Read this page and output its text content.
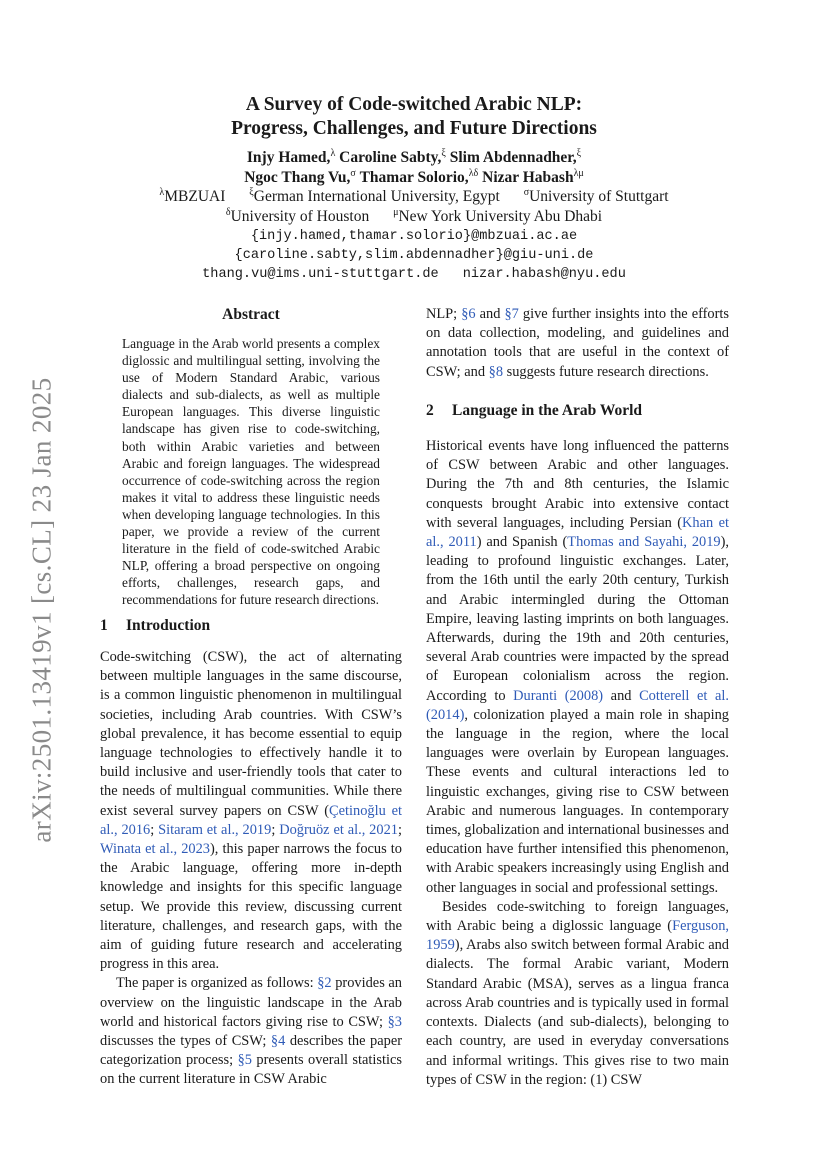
arXiv:2501.13419v1 [cs.CL] 23 Jan 2025
A Survey of Code-switched Arabic NLP:
Progress, Challenges, and Future Directions
Injy Hamed,$^\lambda$ Caroline Sabty,$^\xi$ Slim Abdennadher,$^\xi$
Ngoc Thang Vu,$^\sigma$ Thamar Solorio,$^{\lambda\delta}$ Nizar Habash$^{\lambda\mu}$
$^\lambda$MBZUAI $^\xi$German International University, Egypt $^\sigma$University of Stuttgart
$^\delta$University of Houston $^\mu$New York University Abu Dhabi
{injy.hamed,thamar.solorio}@mbzuai.ac.ae
{caroline.sabty,slim.abdennadher}@giu-uni.de
thang.vu@ims.uni-stuttgart.de nizar.habash@nyu.edu
Abstract
Language in the Arab world presents a complex diglossic and multilingual setting, involving the use of Modern Standard Arabic, various dialects and sub-dialects, as well as multiple European languages. This diverse linguistic landscape has given rise to code-switching, both within Arabic varieties and between Arabic and foreign languages. The widespread occurrence of code-switching across the region makes it vital to address these linguistic needs when developing language technologies. In this paper, we provide a review of the current literature in the field of code-switched Arabic NLP, offering a broad perspective on ongoing efforts, challenges, research gaps, and recommendations for future research directions.
1 Introduction

Code-switching (CSW), the act of alternating between multiple languages in the same discourse, is a common linguistic phenomenon in multilingual societies, including Arab countries. With CSW’s global prevalence, it has become essential to equip language technologies to effectively handle it to build inclusive and user-friendly tools that cater to the needs of multilingual communities. While there exist several survey papers on CSW (Çetinoğlu et al., 2016; Sitaram et al., 2019; Doğruöz et al., 2021; Winata et al., 2023), this paper narrows the focus to the Arabic language, offering more in-depth knowledge and insights for this specific language setup. We provide this review, discussing current literature, challenges, and research gaps, with the aim of guiding future research and accelerating progress in this area.

The paper is organized as follows: §2 provides an overview on the linguistic landscape in the Arab world and historical factors giving rise to CSW; §3 discusses the types of CSW; §4 describes the paper categorization process; §5 presents overall statistics on the current literature in CSW Arabic

NLP; §6 and §7 give further insights into the efforts on data collection, modeling, and guidelines and annotation tools that are useful in the context of CSW; and §8 suggests future research directions.

2 Language in the Arab World

Historical events have long influenced the patterns of CSW between Arabic and other languages. During the 7th and 8th centuries, the Islamic conquests brought Arabic into extensive contact with several languages, including Persian (Khan et al., 2011) and Spanish (Thomas and Sayahi, 2019), leading to profound linguistic exchanges. Later, from the 16th until the early 20th century, Turkish and Arabic intermingled during the Ottoman Empire, leaving lasting imprints on both languages. Afterwards, during the 19th and 20th centuries, several Arab countries were impacted by the spread of European colonialism across the region. According to Duranti (2008) and Cotterell et al. (2014), colonization played a main role in shaping the language in the region, where the local languages were overlain by European languages. These events and cultural interactions led to linguistic exchanges, giving rise to CSW between Arabic and numerous languages. In contemporary times, globalization and international businesses and education have further intensified this phenomenon, with Arabic speakers increasingly using English and other languages in social and professional settings.

Besides code-switching to foreign languages, with Arabic being a diglossic language (Ferguson, 1959), Arabs also switch between formal Arabic and dialects. The formal Arabic variant, Modern Standard Arabic (MSA), serves as a lingua franca across Arab countries and is typically used in formal contexts. Dialects (and sub-dialects), belonging to each country, are used in everyday conversations and informal writings. This gives rise to two main types of CSW in the region: (1) CSW
